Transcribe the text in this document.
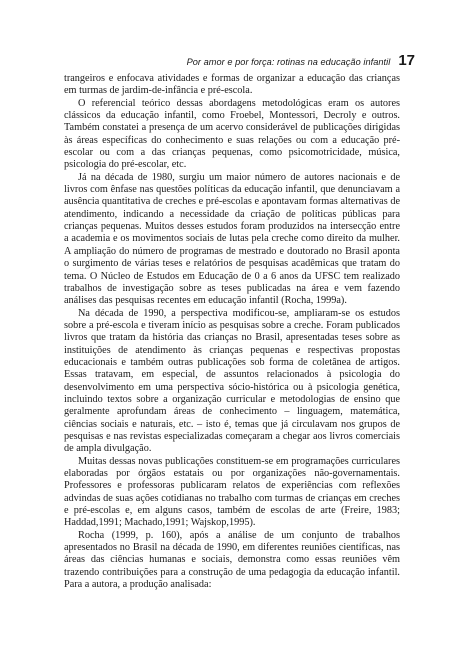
Por amor e por força: rotinas na educação infantil 17

trangeiros e enfocava atividades e formas de organizar a educação das crianças em turmas de jardim-de-infância e pré-escola.

O referencial teórico dessas abordagens metodológicas eram os autores clássicos da educação infantil, como Froebel, Montessori, Decroly e outros. Também constatei a presença de um acervo considerável de publicações dirigidas às áreas específicas do conhecimento e suas relações ou com a educação pré-escolar ou com a das crianças pequenas, como psicomotricidade, música, psicologia do pré-escolar, etc.

Já na década de 1980, surgiu um maior número de autores nacionais e de livros com ênfase nas questões políticas da educação infantil, que denunciavam a ausência quantitativa de creches e pré-escolas e apontavam formas alternativas de atendimento, indicando a necessidade da criação de políticas públicas para crianças pequenas. Muitos desses estudos foram produzidos na intersecção entre a academia e os movimentos sociais de lutas pela creche como direito da mulher. A ampliação do número de programas de mestrado e doutorado no Brasil aponta o surgimento de várias teses e relatórios de pesquisas acadêmicas que tratam do tema. O Núcleo de Estudos em Educação de 0 a 6 anos da UFSC tem realizado trabalhos de investigação sobre as teses publicadas na área e vem fazendo análises das pesquisas recentes em educação infantil (Rocha, 1999a).

Na década de 1990, a perspectiva modificou-se, ampliaram-se os estudos sobre a pré-escola e tiveram início as pesquisas sobre a creche. Foram publicados livros que tratam da história das crianças no Brasil, apresentadas teses sobre as instituições de atendimento às crianças pequenas e respectivas propostas educacionais e também outras publicações sob forma de coletânea de artigos. Essas tratavam, em especial, de assuntos relacionados à psicologia do desenvolvimento em uma perspectiva sócio-histórica ou à psicologia genética, incluindo textos sobre a organização curricular e metodologias de ensino que geralmente aprofundam áreas de conhecimento – linguagem, matemática, ciências sociais e naturais, etc. – isto é, temas que já circulavam nos grupos de pesquisas e nas revistas especializadas começaram a chegar aos livros comerciais de ampla divulgação.

Muitas dessas novas publicações constituem-se em programações curriculares elaboradas por órgãos estatais ou por organizações não-governamentais. Professores e professoras publicaram relatos de experiências com reflexões advindas de suas ações cotidianas no trabalho com turmas de crianças em creches e pré-escolas e, em alguns casos, também de escolas de arte (Freire, 1983; Haddad,1991; Machado,1991; Wajskop,1995).

Rocha (1999, p. 160), após a análise de um conjunto de trabalhos apresentados no Brasil na década de 1990, em diferentes reuniões científicas, nas áreas das ciências humanas e sociais, demonstra como essas reuniões vêm trazendo contribuições para a construção de uma pedagogia da educação infantil. Para a autora, a produção analisada:
